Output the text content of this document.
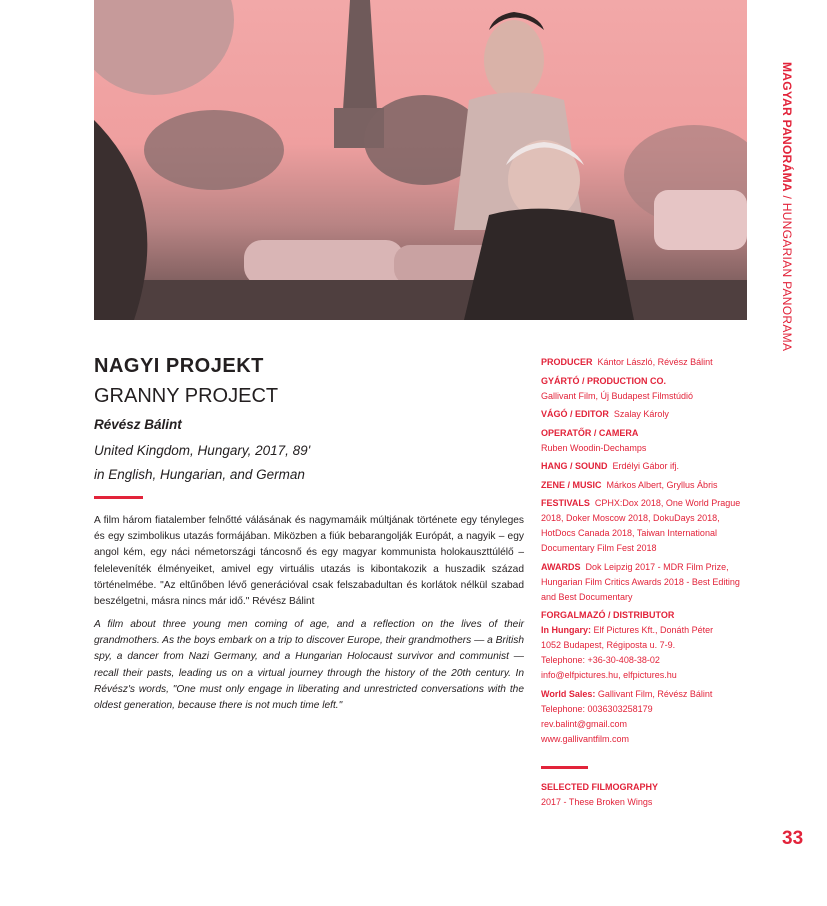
MAGYAR PANORÁMA / HUNGARIAN PANORAMA
NAGYI PROJEKT
GRANNY PROJECT
Révész Bálint
United Kingdom, Hungary, 2017, 89'
in English, Hungarian, and German
A film három fiatalember felnőtté válásának és nagymamáik múltjának története egy tényleges és egy szimbolikus utazás formájában. Miközben a fiúk bebarangolják Európát, a nagyik – egy angol kém, egy náci németországi táncosnő és egy magyar kommunista holokauszttúlélő – feleleveníték élményeiket, amivel egy virtuális utazás is kibontakozik a huszadik század történelmébe. "Az eltűnőben lévő generációval csak felszabadultan és korlátok nélkül szabad beszélgetni, másra nincs már idő." Révész Bálint
A film about three young men coming of age, and a reflection on the lives of their grandmothers. As the boys embark on a trip to discover Europe, their grandmothers — a British spy, a dancer from Nazi Germany, and a Hungarian Holocaust survivor and communist — recall their pasts, leading us on a virtual journey through the history of the 20th century. In Révész's words, "One must only engage in liberating and unrestricted conversations with the oldest generation, because there is not much time left."
PRODUCER Kántor László, Révész Bálint
GYÁRTÓ / PRODUCTION CO.
Gallivant Film, Új Budapest Filmstúdió
VÁGÓ / EDITOR Szalay Károly
OPERATŐR / CAMERA
Ruben Woodin-Dechamps
HANG / SOUND Erdélyi Gábor ifj.
ZENE / MUSIC Márkos Albert, Gryllus Ábris
FESTIVALS CPHX:Dox 2018, One World Prague 2018, Doker Moscow 2018, DokuDays 2018, HotDocs Canada 2018, Taiwan International Documentary Film Fest 2018
AWARDS Dok Leipzig 2017 - MDR Film Prize, Hungarian Film Critics Awards 2018 - Best Editing and Best Documentary
FORGALMAZÓ / DISTRIBUTOR
In Hungary: Elf Pictures Kft., Donáth Péter
1052 Budapest, Régiposta u. 7-9.
Telephone: +36-30-408-38-02
info@elfpictures.hu, elfpictures.hu
World Sales: Gallivant Film, Révész Bálint
Telephone: 0036303258179
rev.balint@gmail.com
www.gallivantfilm.com
SELECTED FILMOGRAPHY
2017 - These Broken Wings
33
